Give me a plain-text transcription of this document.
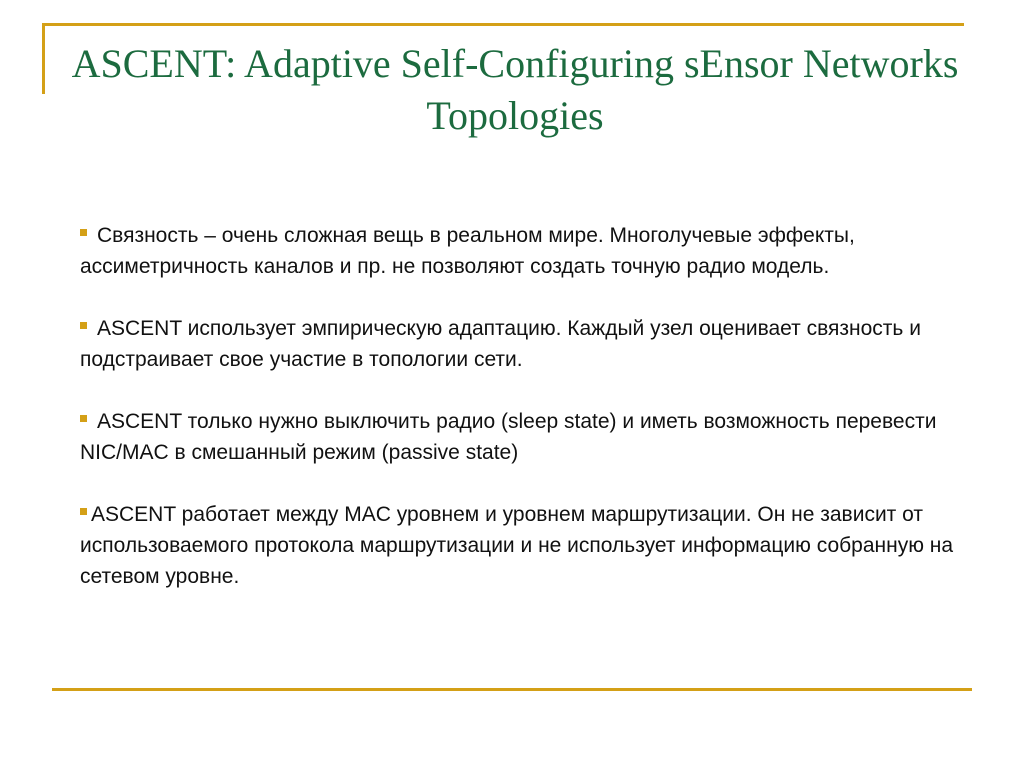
ASCENT: Adaptive Self-Configuring sEnsor Networks Topologies

Связность – очень сложная вещь в реальном мире. Многолучевые эффекты, ассиметричность каналов и пр. не позволяют создать точную радио модель.

ASCENT использует эмпирическую адаптацию. Каждый узел оценивает связность и подстраивает свое участие в топологии сети.

ASCENT только нужно выключить радио (sleep state) и иметь возможность перевести NIC/MAC в смешанный режим (passive state)

ASCENT работает между MAC уровнем и уровнем маршрутизации. Он не зависит от использоваемого протокола маршрутизации и не использует информацию собранную на сетевом уровне.
